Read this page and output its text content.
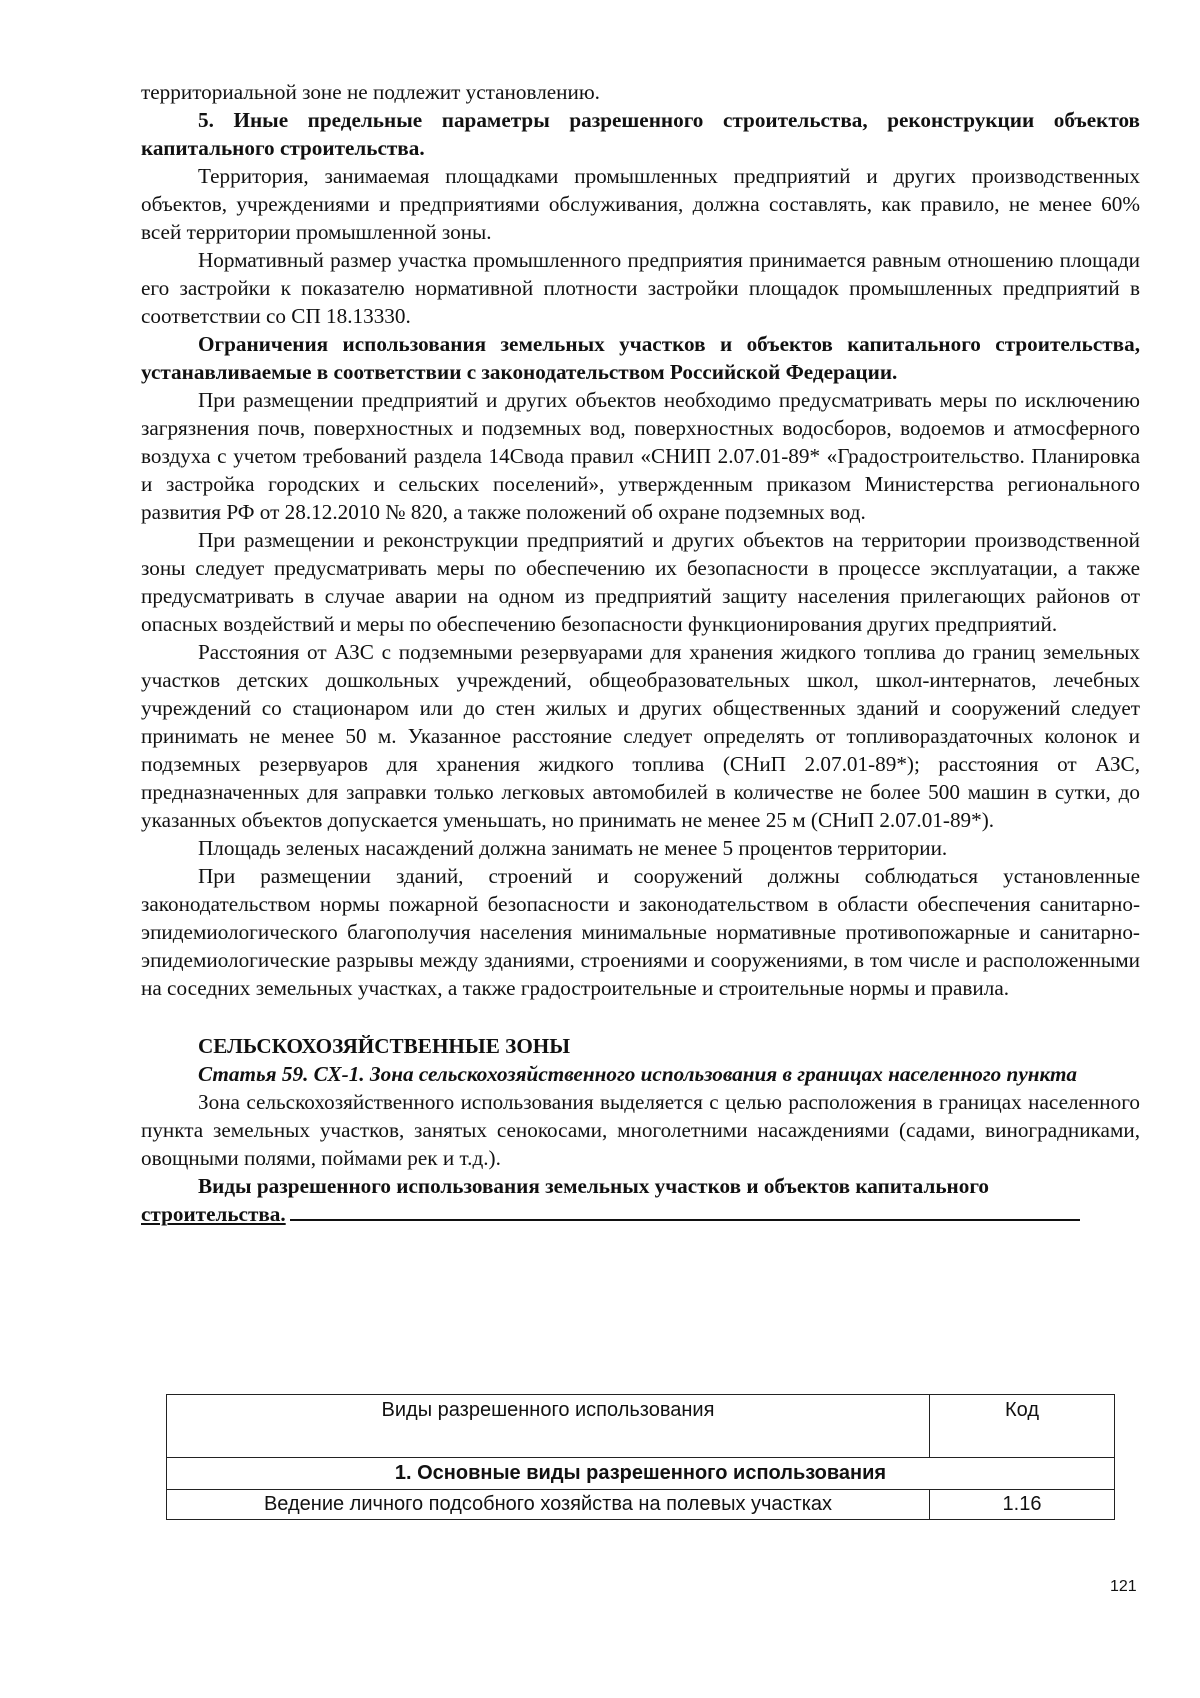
территориальной зоне не подлежит установлению.

5. Иные предельные параметры разрешенного строительства, реконструкции объектов капитального строительства.

Территория, занимаемая площадками промышленных предприятий и других производственных объектов, учреждениями и предприятиями обслуживания, должна составлять, как правило, не менее 60% всей территории промышленной зоны.

Нормативный размер участка промышленного предприятия принимается равным отношению площади его застройки к показателю нормативной плотности застройки площадок промышленных предприятий в соответствии со СП 18.13330.

Ограничения использования земельных участков и объектов капитального строительства, устанавливаемые в соответствии с законодательством Российской Федерации.

При размещении предприятий и других объектов необходимо предусматривать меры по исключению загрязнения почв, поверхностных и подземных вод, поверхностных водосборов, водоемов и атмосферного воздуха с учетом требований раздела 14Свода правил «СНИП 2.07.01-89* «Градостроительство. Планировка и застройка городских и сельских поселений», утвержденным приказом Министерства регионального развития РФ от 28.12.2010 № 820, а также положений об охране подземных вод.

При размещении и реконструкции предприятий и других объектов на территории производственной зоны следует предусматривать меры по обеспечению их безопасности в процессе эксплуатации, а также предусматривать в случае аварии на одном из предприятий защиту населения прилегающих районов от опасных воздействий и меры по обеспечению безопасности функционирования других предприятий.

Расстояния от АЗС с подземными резервуарами для хранения жидкого топлива до границ земельных участков детских дошкольных учреждений, общеобразовательных школ, школ-интернатов, лечебных учреждений со стационаром или до стен жилых и других общественных зданий и сооружений следует принимать не менее 50 м. Указанное расстояние следует определять от топливораздаточных колонок и подземных резервуаров для хранения жидкого топлива (СНиП 2.07.01-89*); расстояния от АЗС, предназначенных для заправки только легковых автомобилей в количестве не более 500 машин в сутки, до указанных объектов допускается уменьшать, но принимать не менее 25 м (СНиП 2.07.01-89*).

Площадь зеленых насаждений должна занимать не менее 5 процентов территории.

При размещении зданий, строений и сооружений должны соблюдаться установленные законодательством нормы пожарной безопасности и законодательством в области обеспечения санитарно-эпидемиологического благополучия населения минимальные нормативные противопожарные и санитарно-эпидемиологические разрывы между зданиями, строениями и сооружениями, в том числе и расположенными на соседних земельных участках, а также градостроительные и строительные нормы и правила.

СЕЛЬСКОХОЗЯЙСТВЕННЫЕ ЗОНЫ

Статья 59. СХ-1. Зона сельскохозяйственного использования в границах населенного пункта

Зона сельскохозяйственного использования выделяется с целью расположения в границах населенного пункта земельных участков, занятых сенокосами, многолетними насаждениями (садами, виноградниками, овощными полями, поймами рек и т.д.).

Виды разрешенного использования земельных участков и объектов капитального

строительства.

Виды разрешенного использования	Код
1. Основные виды разрешенного использования	
Ведение личного подсобного хозяйства на полевых участках	1.16
121
